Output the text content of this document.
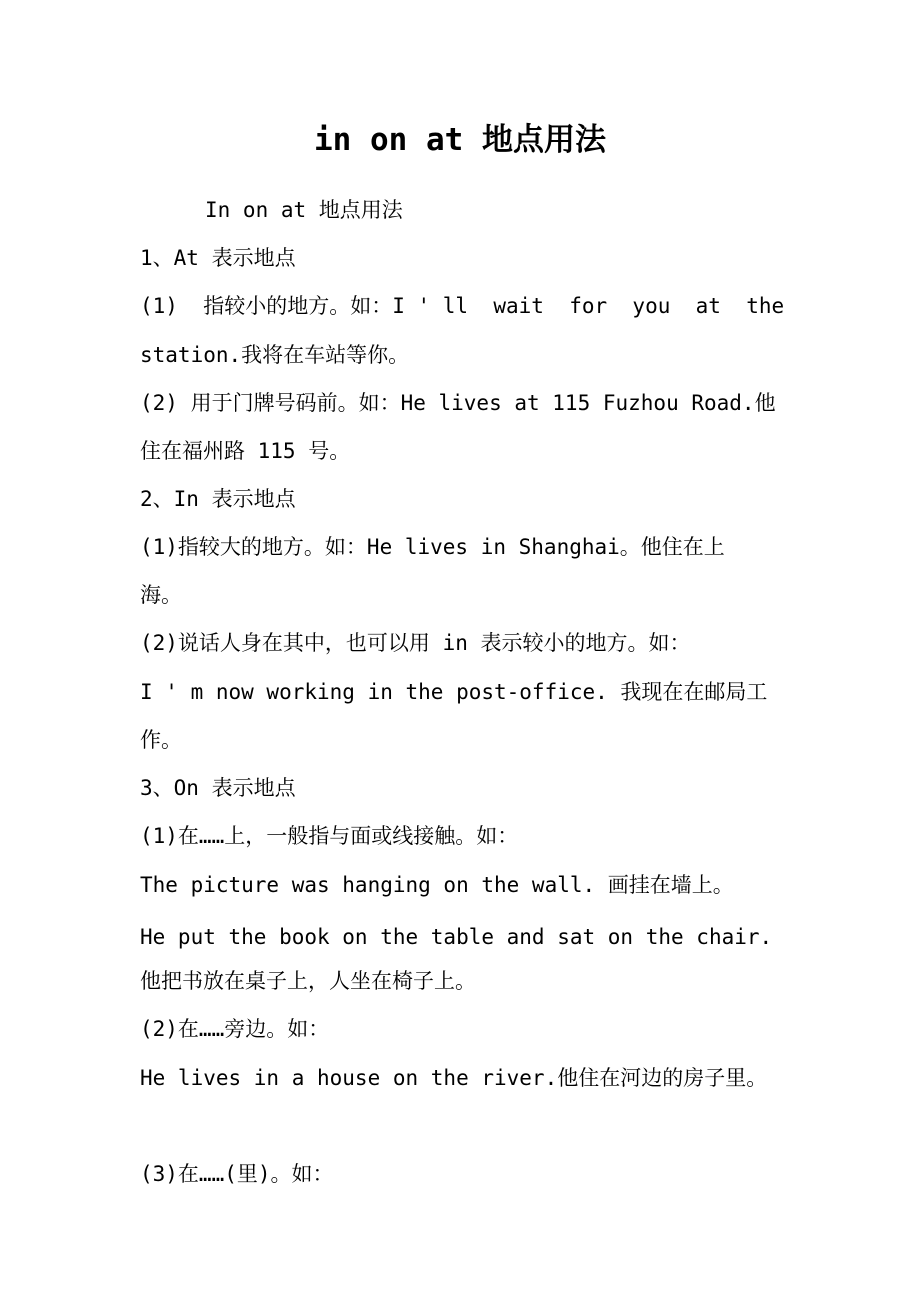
in on at 地点用法
In on at 地点用法
1、At 表示地点
(1)  指较小的地方。如：I ' ll  wait  for  you  at  the
station.我将在车站等你。
(2) 用于门牌号码前。如：He lives at 115 Fuzhou Road.他
住在福州路 115 号。
2、In 表示地点
(1)指较大的地方。如：He lives in Shanghai。他住在上
海。
(2)说话人身在其中，也可以用 in 表示较小的地方。如：
I ' m now working in the post-office. 我现在在邮局工
作。
3、On 表示地点
(1)在……上，一般指与面或线接触。如：
The picture was hanging on the wall. 画挂在墙上。
He put the book on the table and sat on the chair.
他把书放在桌子上，人坐在椅子上。
(2)在……旁边。如：
He lives in a house on the river.他住在河边的房子里。
(3)在……(里)。如：
